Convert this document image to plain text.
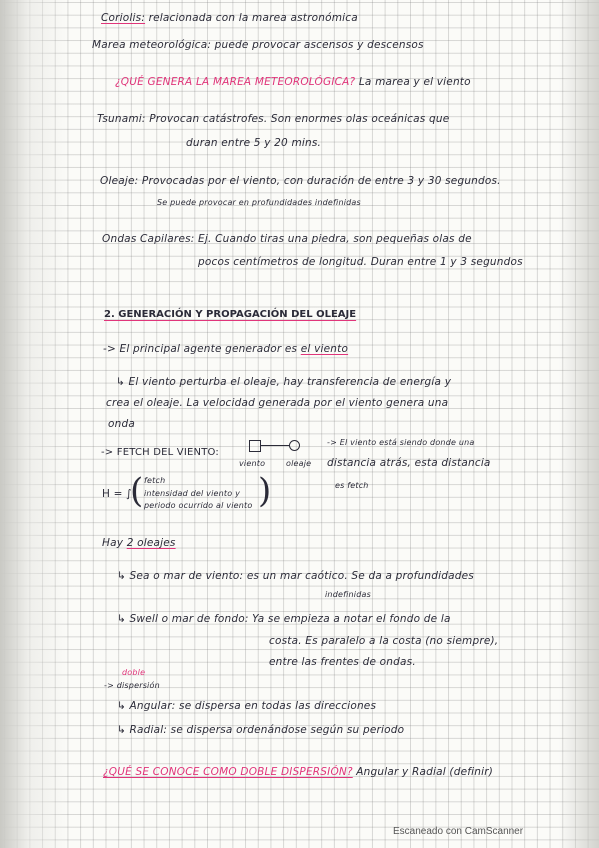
Coriolis: relacionada con la marea astronómica
Marea meteorológica: puede provocar ascensos y descensos
¿QUÉ GENERA LA MAREA METEOROLÓGICA? La marea y el viento
Tsunami: Provocan catástrofes. Son enormes olas oceánicas que
duran entre 5 y 20 mins.
Oleaje: Provocadas por el viento, con duración de entre 3 y 30 segundos.
Se puede provocar en profundidades indefinidas
Ondas Capilares: Ej. Cuando tiras una piedra, son pequeñas olas de
pocos centímetros de longitud. Duran entre 1 y 3 segundos
2. GENERACIÓN Y PROPAGACIÓN DEL OLEAJE
-> El principal agente generador es el viento
↳ El viento perturba el oleaje, hay transferencia de energía y
crea el oleaje. La velocidad generada por el viento genera una
onda
-> FETCH DEL VIENTO:
viento	oleaje
-> El viento está siendo donde una
distancia atrás, esta distancia
es fetch
H = ∫
( fetch
intensidad del viento y
periodo ocurrido al viento )
Hay 2 oleajes
↳ Sea o mar de viento: es un mar caótico. Se da a profundidades
indefinidas
↳ Swell o mar de fondo: Ya se empieza a notar el fondo de la
costa. Es paralelo a la costa (no siempre),
entre las frentes de ondas.
doble
-> dispersión
↳ Angular: se dispersa en todas las direcciones
↳ Radial: se dispersa ordenándose según su periodo
¿QUÉ SE CONOCE COMO DOBLE DISPERSIÓN? Angular y Radial (definir)
Escaneado con CamScanner
